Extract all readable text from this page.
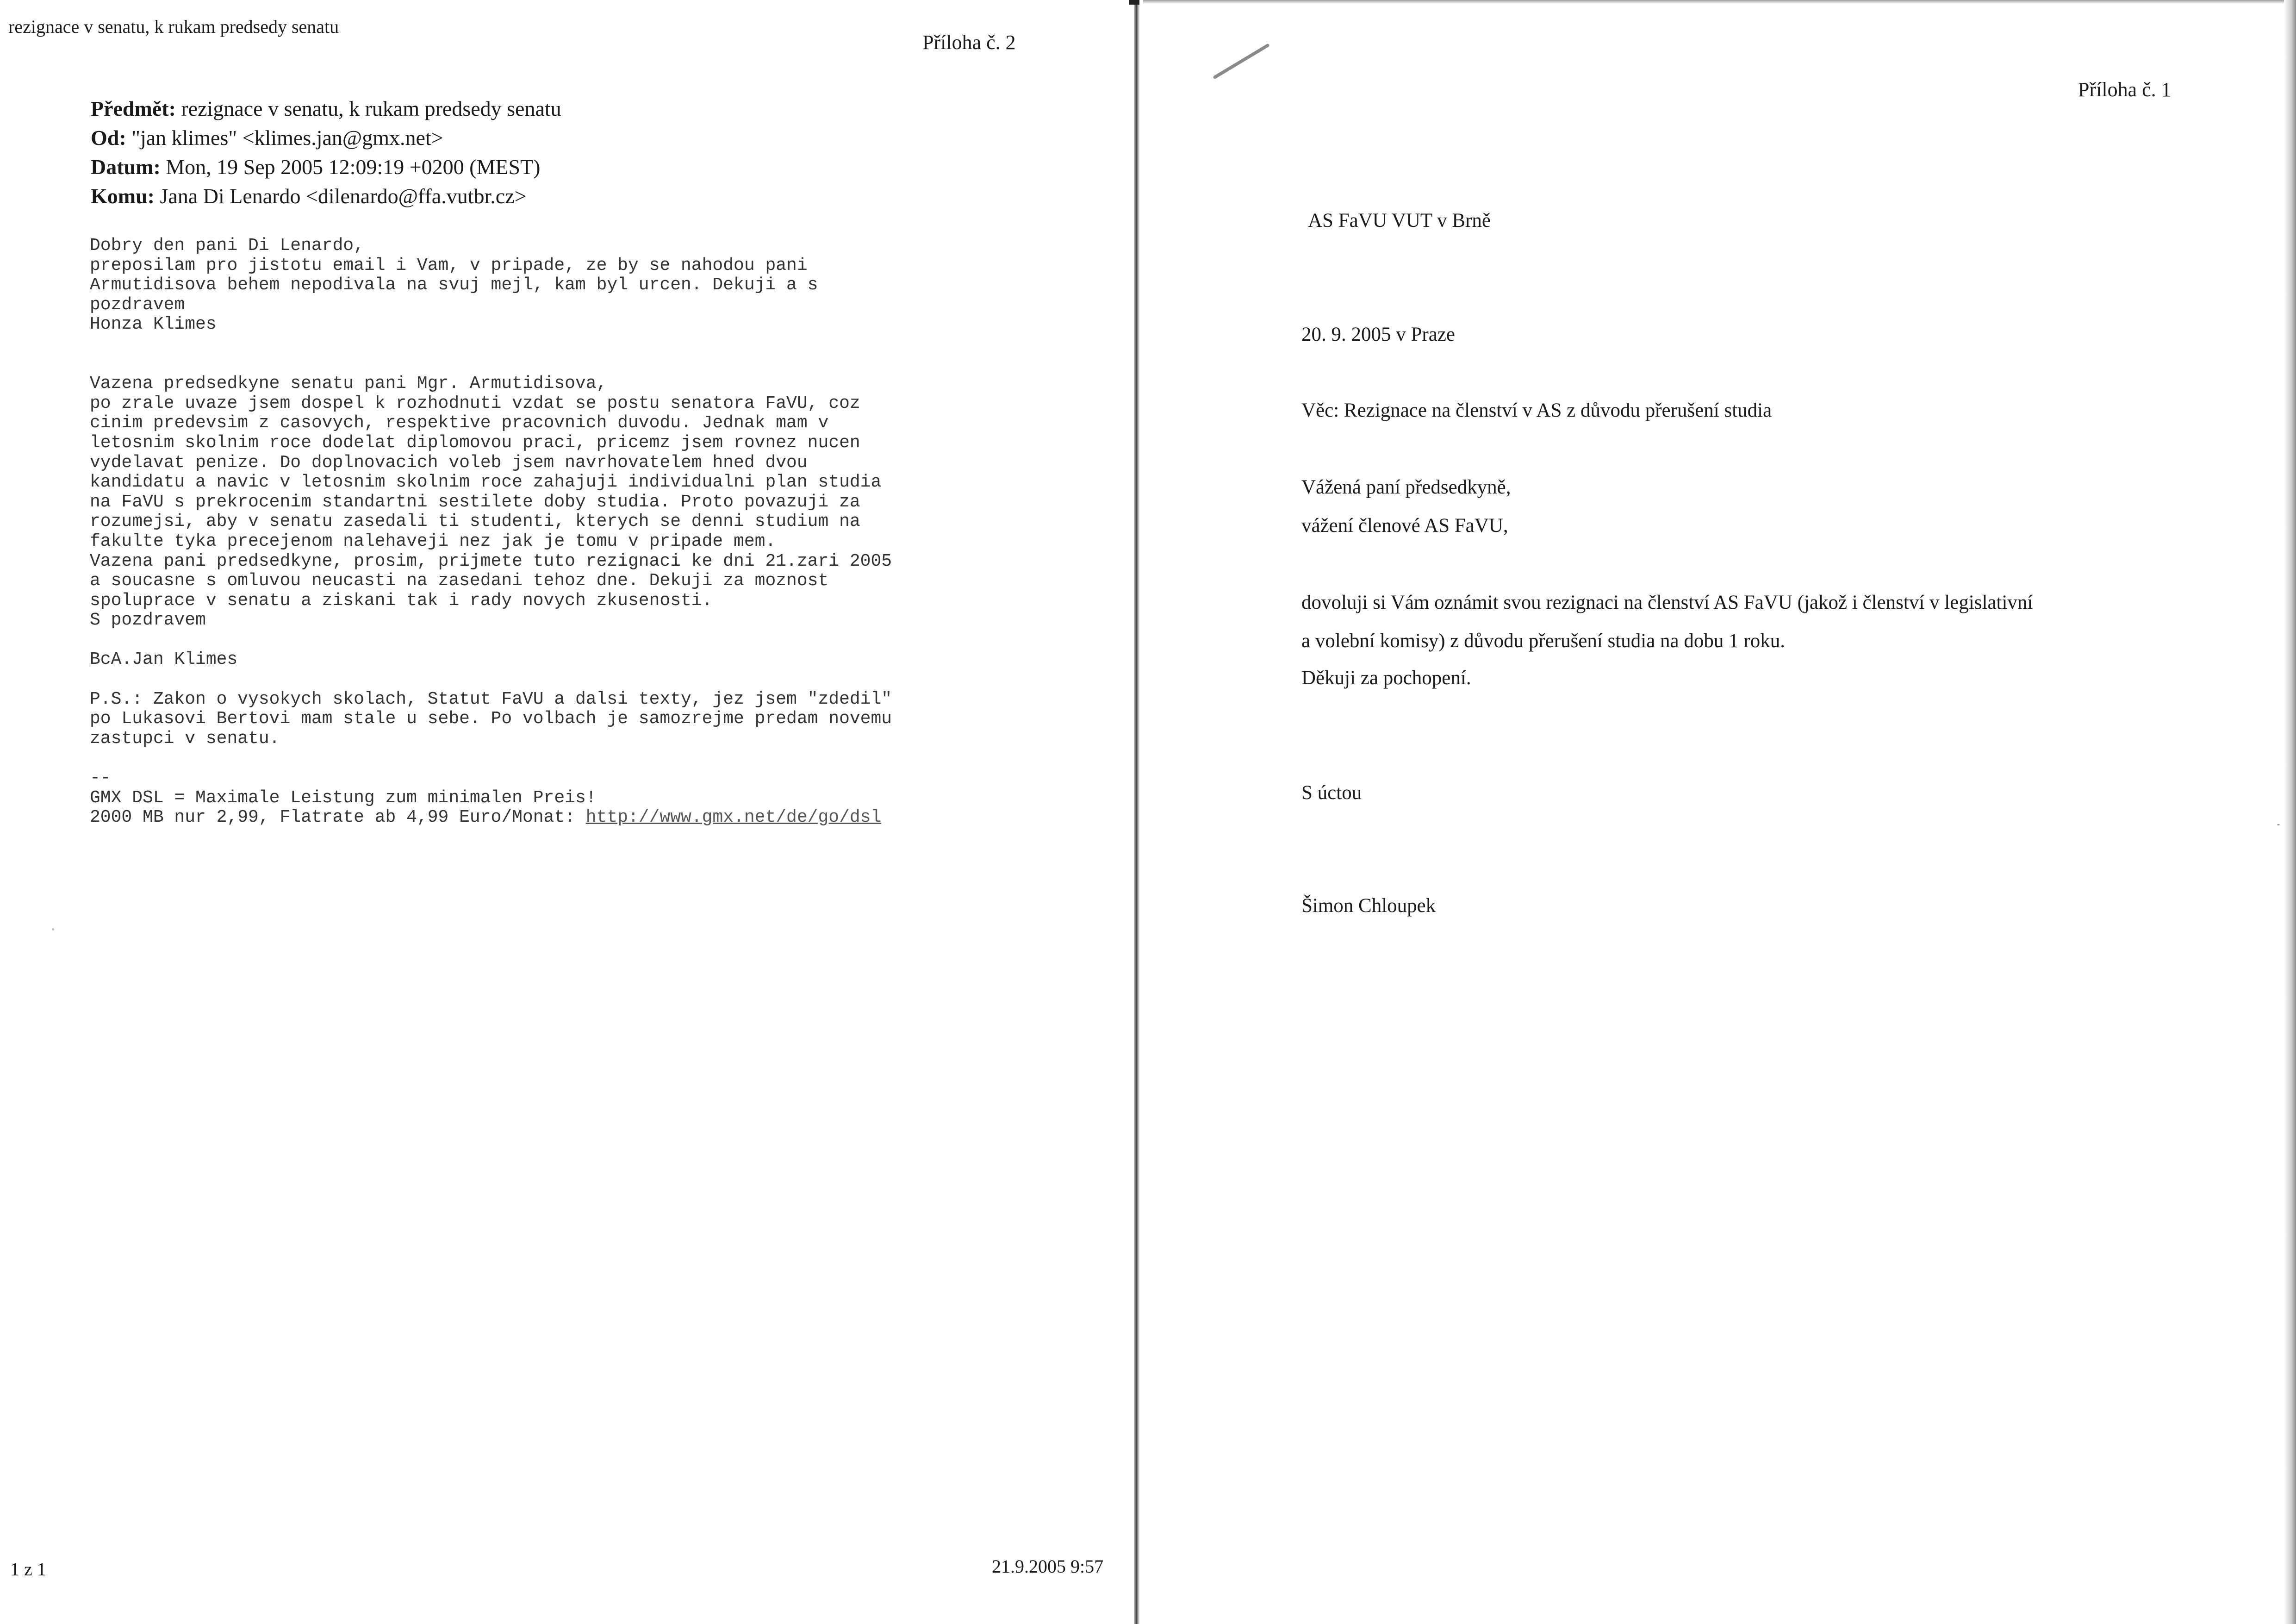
rezignace v senatu, k rukam predsedy senatu
Příloha č. 2
Předmět: rezignace v senatu, k rukam predsedy senatu
Od: "jan klimes" <klimes.jan@gmx.net>
Datum: Mon, 19 Sep 2005 12:09:19 +0200 (MEST)
Komu: Jana Di Lenardo <dilenardo@ffa.vutbr.cz>
Dobry den pani Di Lenardo,
preposilam pro jistotu email i Vam, v pripade, ze by se nahodou pani
Armutidisova behem nepodivala na svuj mejl, kam byl urcen. Dekuji a s
pozdravem
Honza Klimes

Vazena predsedkyne senatu pani Mgr. Armutidisova,
po zrale uvaze jsem dospel k rozhodnuti vzdat se postu senatora FaVU, coz
cinim predevsim z casovych, respektive pracovnich duvodu. Jednak mam v
letosnim skolnim roce dodelat diplomovou praci, pricemz jsem rovnez nucen
vydelavat penize. Do doplnovacich voleb jsem navrhovatelem hned dvou
kandidatu a navic v letosnim skolnim roce zahajuji individualni plan studia
na FaVU s prekrocenim standartni sestilete doby studia. Proto povazuji za
rozumejsi, aby v senatu zasedali ti studenti, kterych se denni studium na
fakulte tyka precejenom nalehaveji nez jak je tomu v pripade mem.
Vazena pani predsedkyne, prosim, prijmete tuto rezignaci ke dni 21.zari 2005
a soucasne s omluvou neucasti na zasedani tehoz dne. Dekuji za moznost
spoluprace v senatu a ziskani tak i rady novych zkusenosti.
S pozdravem

BcA.Jan Klimes

P.S.: Zakon o vysokych skolach, Statut FaVU a dalsi texty, jez jsem "zdedil"
po Lukasovi Bertovi mam stale u sebe. Po volbach je samozrejme predam novemu
zastupci v senatu.

--
GMX DSL = Maximale Leistung zum minimalen Preis!
2000 MB nur 2,99, Flatrate ab 4,99 Euro/Monat: http://www.gmx.net/de/go/dsl
1 z 1	21.9.2005 9:57
Příloha č. 1
AS FaVU VUT v Brně
20. 9. 2005 v Praze
Věc: Rezignace na členství v AS z důvodu přerušení studia
Vážená paní předsedkyně,
vážení členové AS FaVU,
dovoluji si Vám oznámit svou rezignaci na členství AS FaVU (jakož i členství v legislativní
a volební komisy) z důvodu přerušení studia na dobu 1 roku.
Děkuji za pochopení.
S úctou
Šimon Chloupek
